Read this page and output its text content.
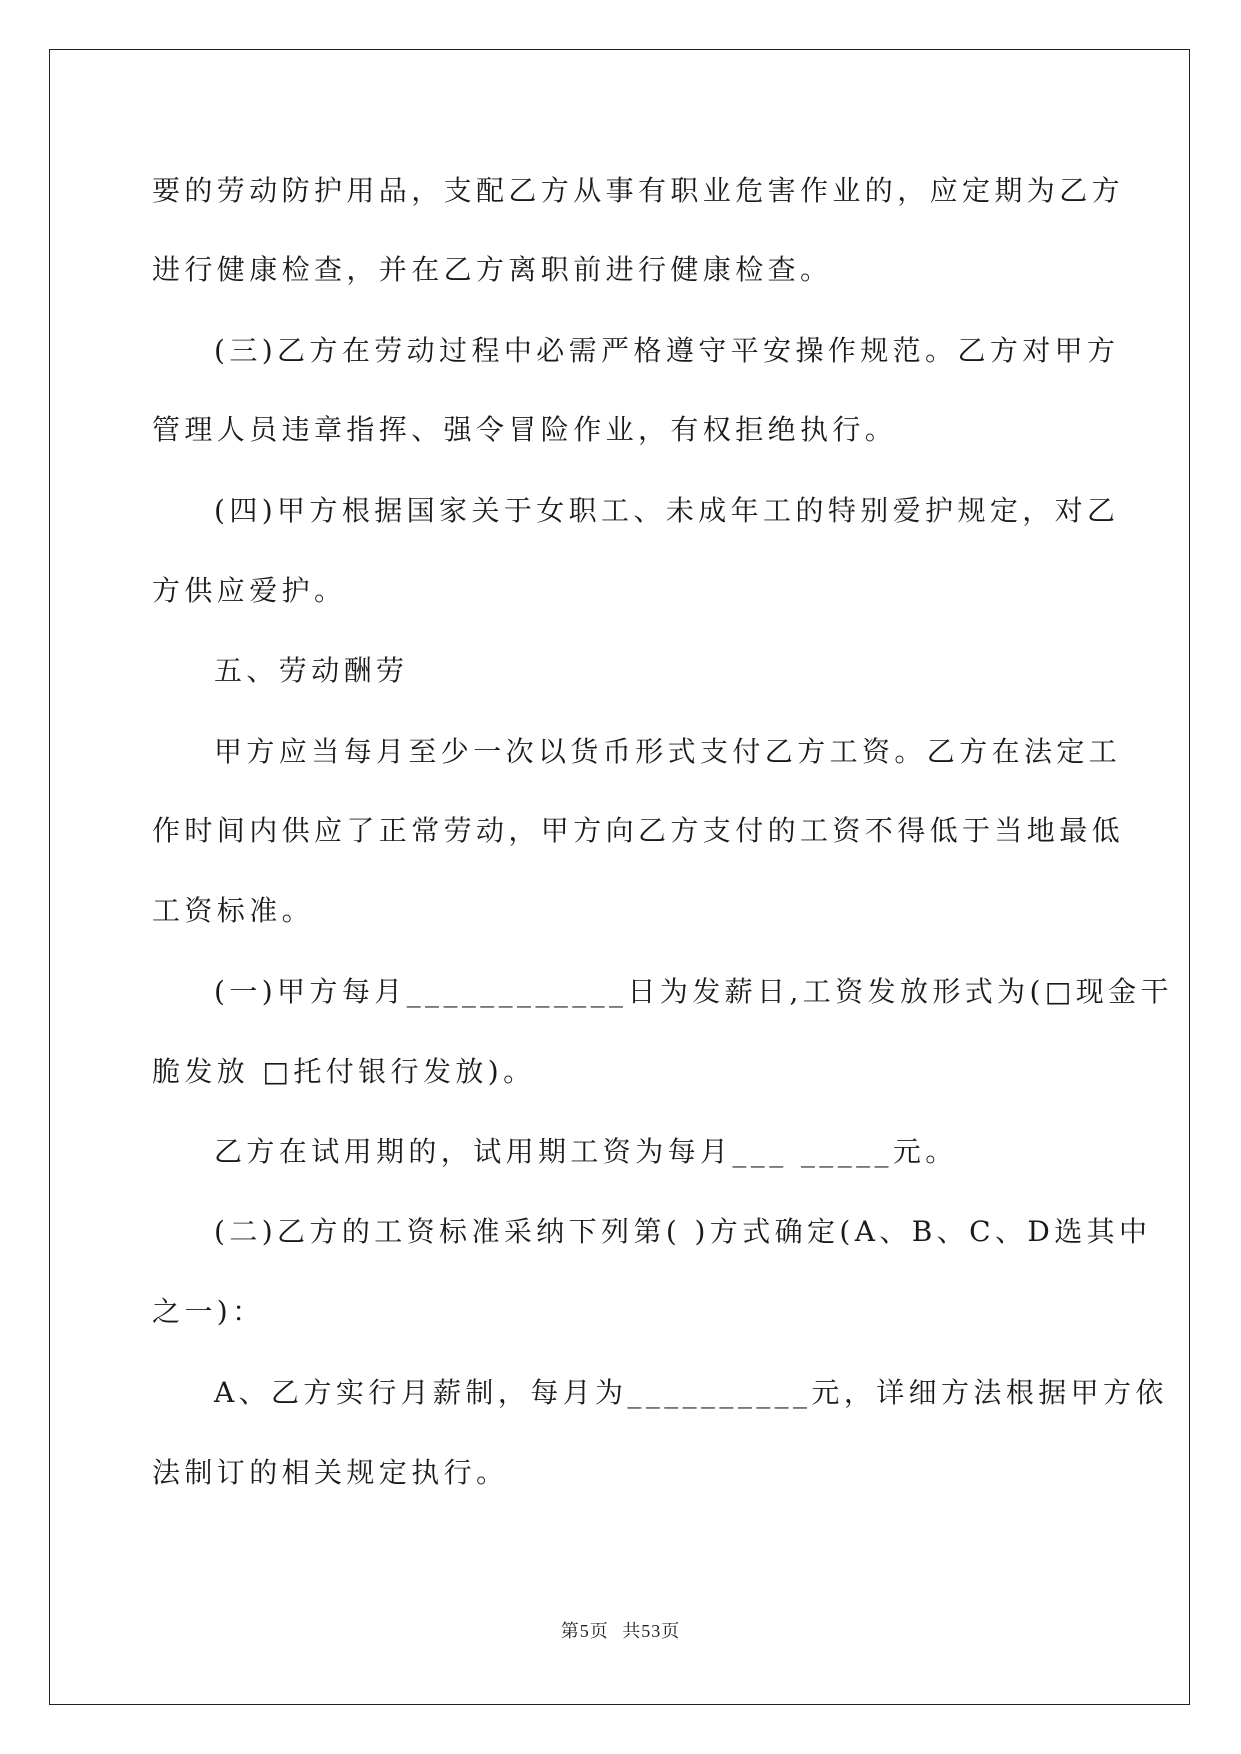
要的劳动防护用品，支配乙方从事有职业危害作业的，应定期为乙方
进行健康检查，并在乙方离职前进行健康检查。
(三)乙方在劳动过程中必需严格遵守平安操作规范。乙方对甲方
管理人员违章指挥、强令冒险作业，有权拒绝执行。
(四)甲方根据国家关于女职工、未成年工的特别爱护规定，对乙
方供应爱护。
五、劳动酬劳
甲方应当每月至少一次以货币形式支付乙方工资。乙方在法定工
作时间内供应了正常劳动，甲方向乙方支付的工资不得低于当地最低
工资标准。
(一)甲方每月____________日为发薪日,工资发放形式为(□现金干
脆发放 □托付银行发放)。
乙方在试用期的，试用期工资为每月___ _____元。
(二)乙方的工资标准采纳下列第( )方式确定(A、B、C、D选其中
之一)：
A、乙方实行月薪制，每月为__________元，详细方法根据甲方依
法制订的相关规定执行。
第5页 共53页
